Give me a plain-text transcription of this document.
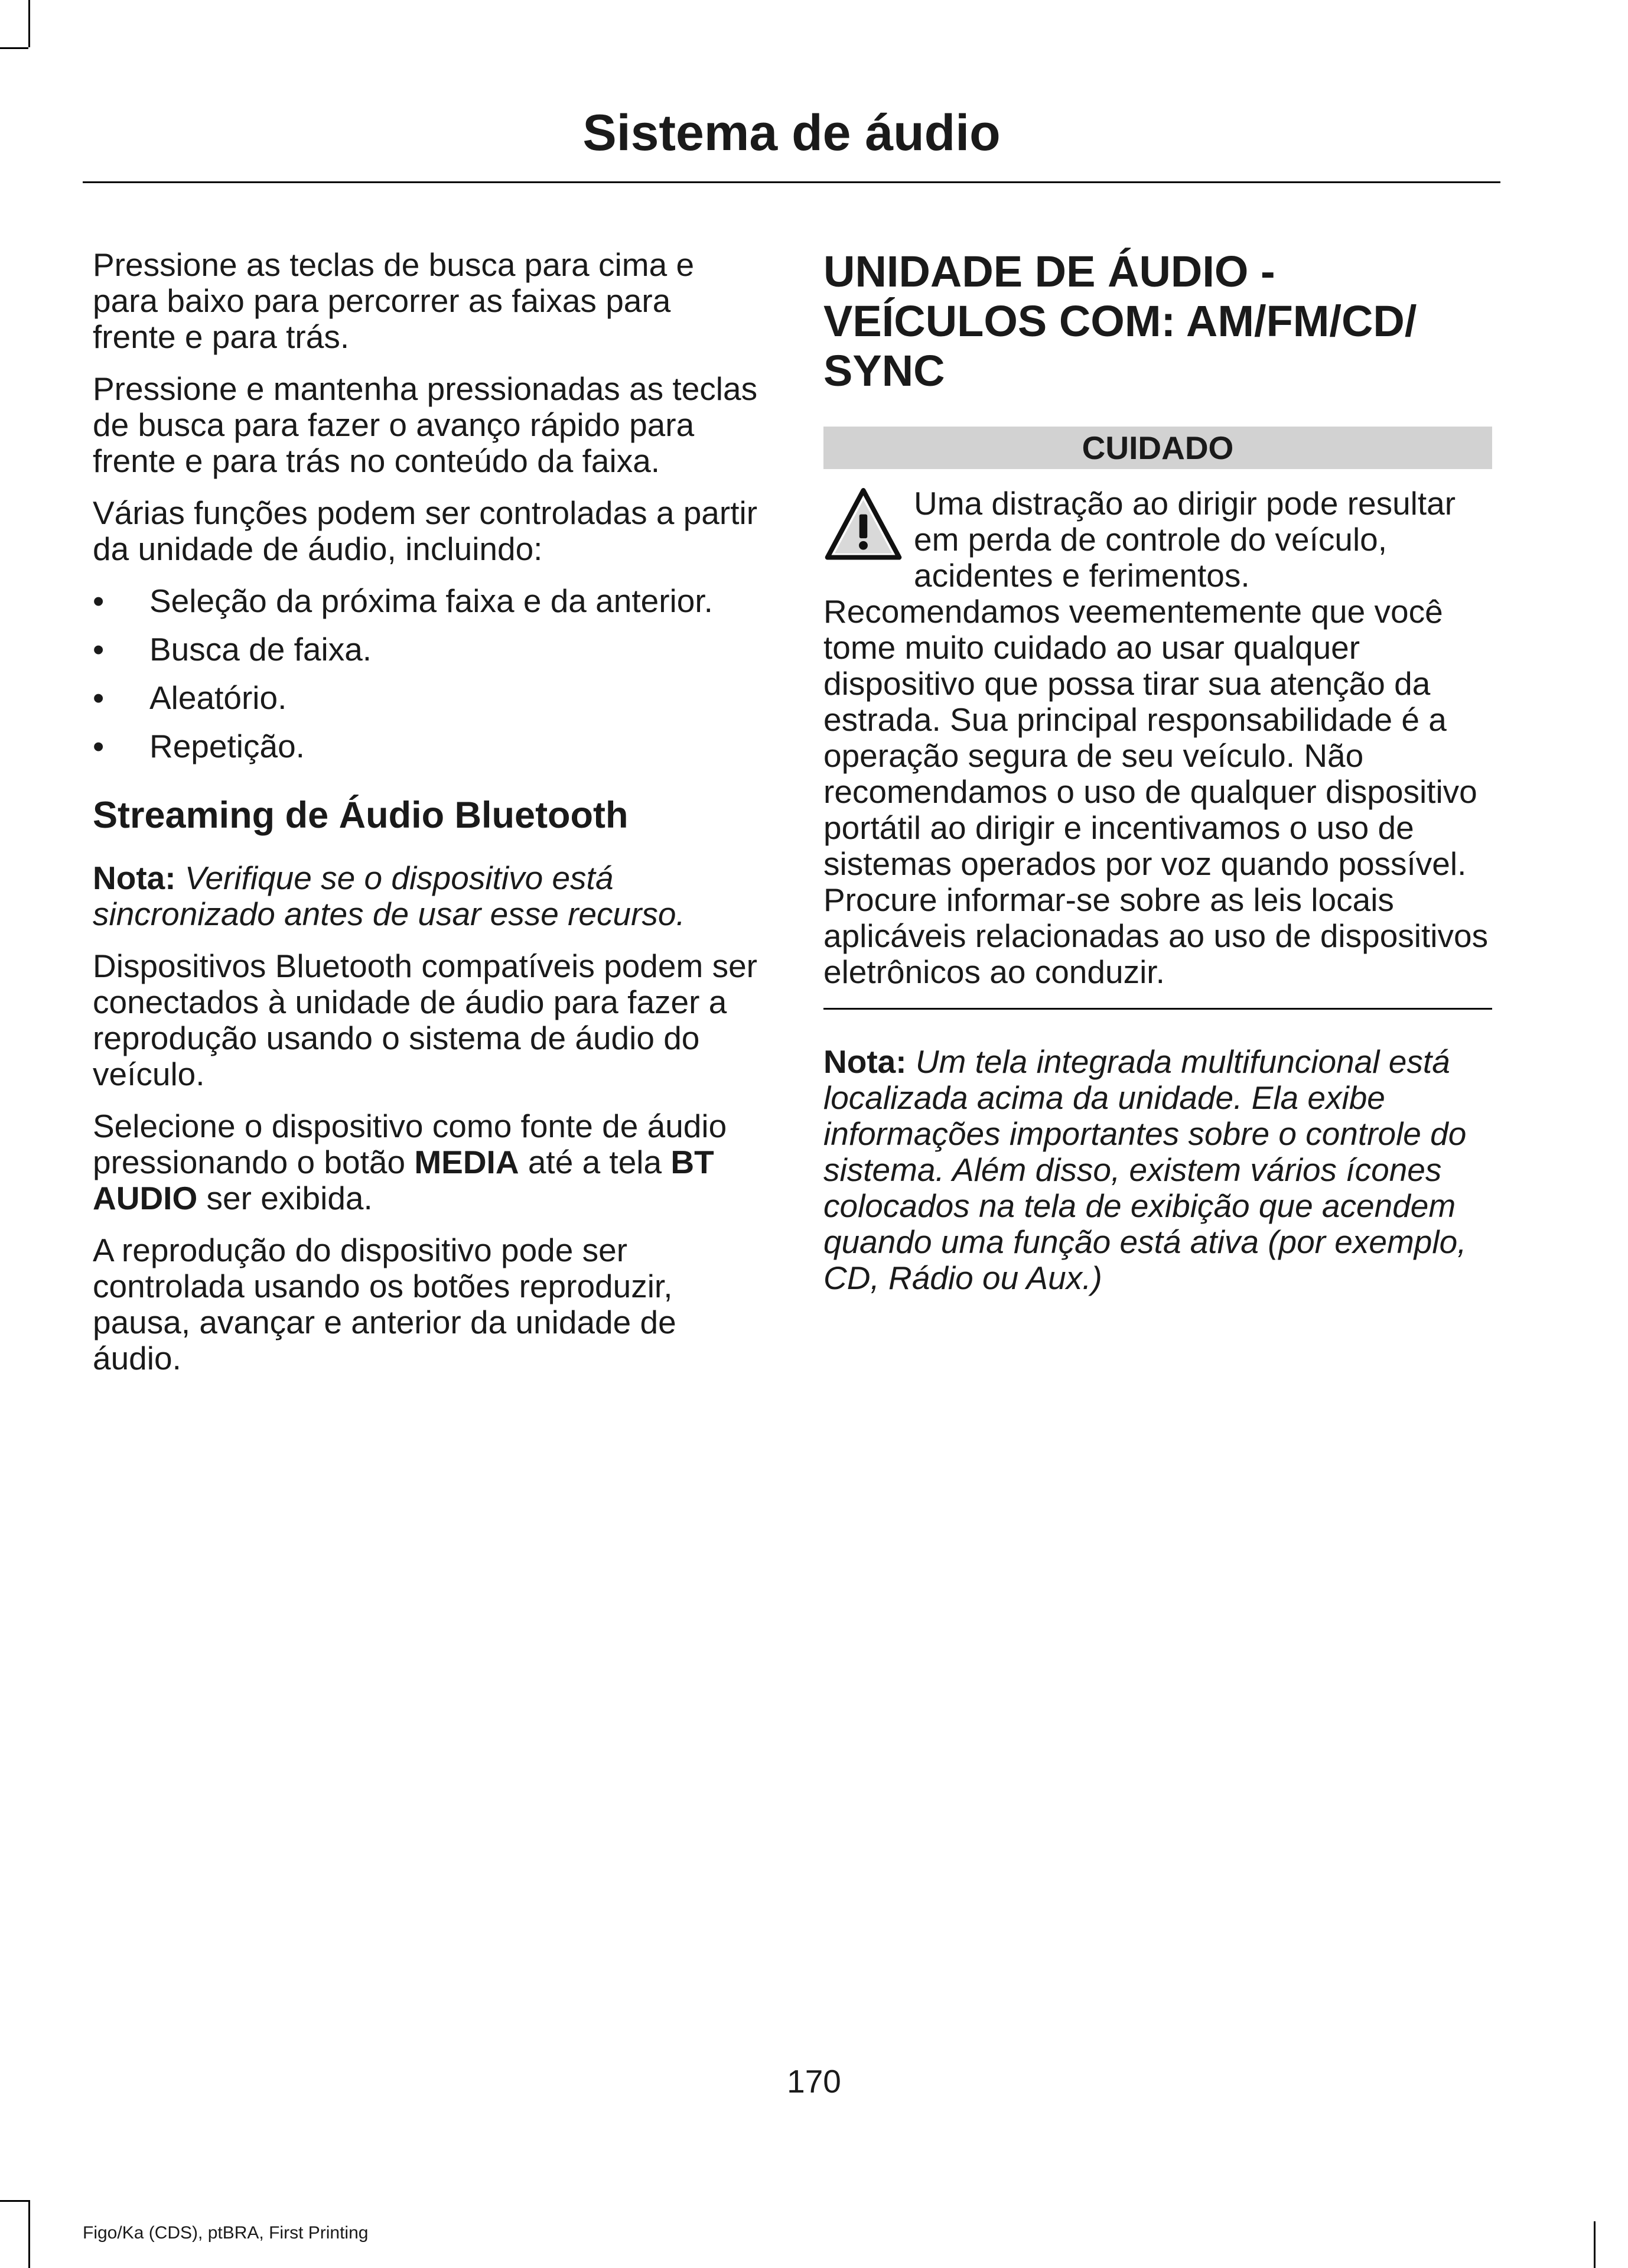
Sistema de áudio

Pressione as teclas de busca para cima e para baixo para percorrer as faixas para frente e para trás.

Pressione e mantenha pressionadas as teclas de busca para fazer o avanço rápido para frente e para trás no conteúdo da faixa.

Várias funções podem ser controladas a partir da unidade de áudio, incluindo:

•	Seleção da próxima faixa e da anterior.
•	Busca de faixa.
•	Aleatório.
•	Repetição.
Streaming de Áudio Bluetooth

Nota: Verifique se o dispositivo está sincronizado antes de usar esse recurso.

Dispositivos Bluetooth compatíveis podem ser conectados à unidade de áudio para fazer a reprodução usando o sistema de áudio do veículo.

Selecione o dispositivo como fonte de áudio pressionando o botão MEDIA até a tela BT AUDIO ser exibida.

A reprodução do dispositivo pode ser controlada usando os botões reproduzir, pausa, avançar e anterior da unidade de áudio.

UNIDADE DE ÁUDIO - VEÍCULOS COM: AM/FM/CD/ SYNC
CUIDADO
Uma distração ao dirigir pode resultar em perda de controle do veículo, acidentes e ferimentos. Recomendamos veementemente que você tome muito cuidado ao usar qualquer dispositivo que possa tirar sua atenção da estrada. Sua principal responsabilidade é a operação segura de seu veículo. Não recomendamos o uso de qualquer dispositivo portátil ao dirigir e incentivamos o uso de sistemas operados por voz quando possível. Procure informar-se sobre as leis locais aplicáveis relacionadas ao uso de dispositivos eletrônicos ao conduzir.

Nota: Um tela integrada multifuncional está localizada acima da unidade. Ela exibe informações importantes sobre o controle do sistema. Além disso, existem vários ícones colocados na tela de exibição que acendem quando uma função está ativa (por exemplo, CD, Rádio ou Aux.)

170
Figo/Ka (CDS), ptBRA, First Printing
